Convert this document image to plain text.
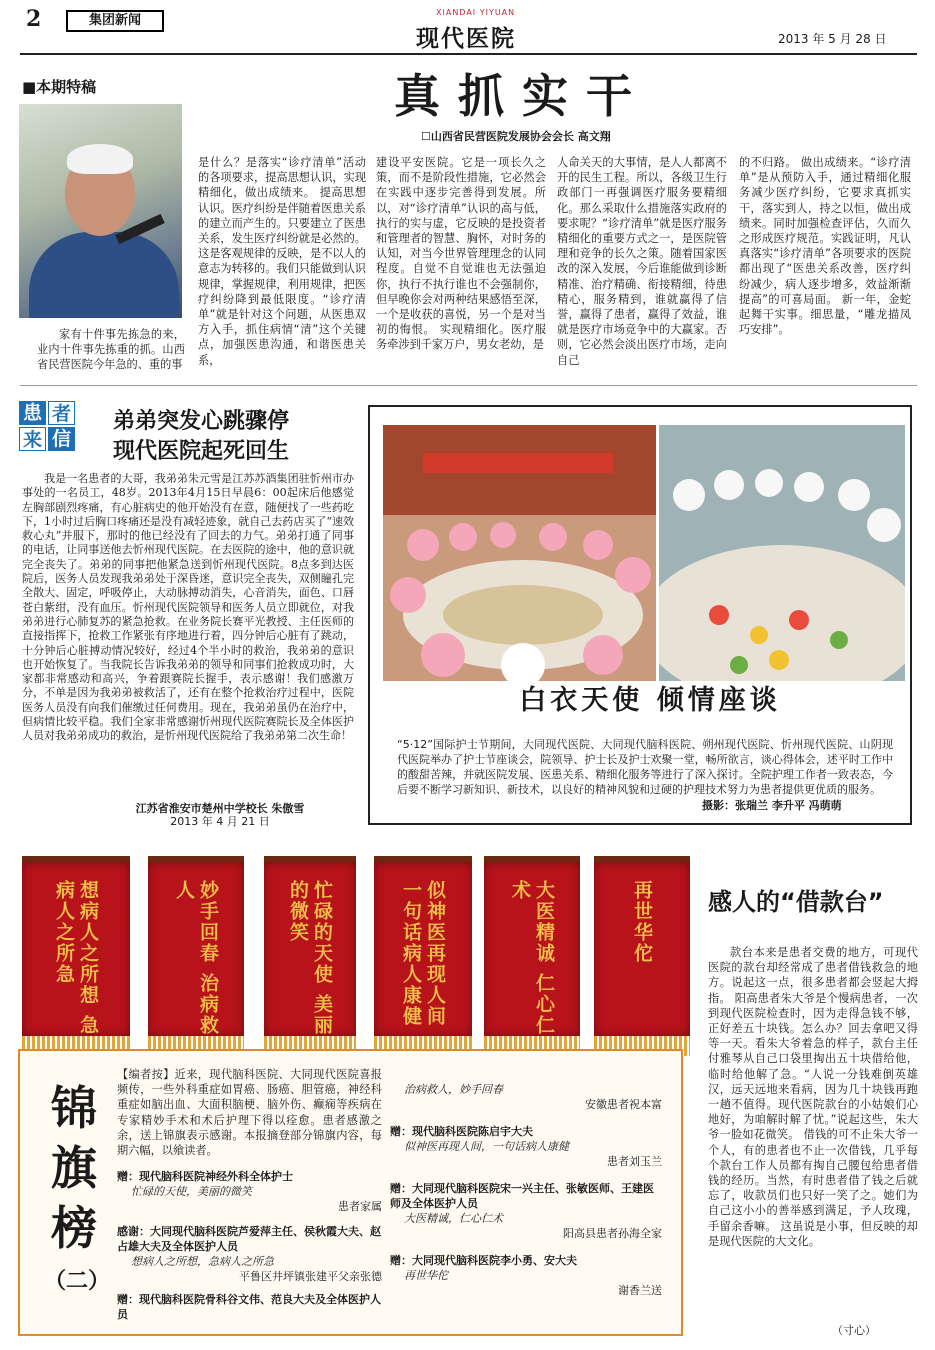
2	集团新闻
XIANDAI YIYUAN
现代医院	2013 年 5 月 28 日
■本期特稿	真抓实干
☐山西省民营医院发展协会会长 高文翔
家有十件事先拣急的来，业内十件事先拣重的抓。山西省民营医院今年急的、重的事
是什么？是落实“诊疗清单”活动的各项要求，提高思想认识，实现精细化，做出成绩来。 提高思想认识。医疗纠纷是伴随着医患关系的建立而产生的。只要建立了医患关系，发生医疗纠纷就是必然的。这是客观规律的反映，是不以人的意志为转移的。我们只能做到认识规律，掌握规律，利用规律，把医疗纠纷降到最低限度。“诊疗清单”就是针对这个问题，从医患双方入手，抓住病情“清”这个关键点，加强医患沟通，和谐医患关系，
建设平安医院。它是一项长久之策，而不是阶段性措施，它必然会在实践中逐步完善得到发展。所以，对“诊疗清单”认识的高与低，执行的实与虚，它反映的是投资者和管理者的智慧、胸怀，对时务的认知，对当今世界管理理念的认同程度。自觉不自觉谁也无法强迫你，执行不执行谁也不会强制你，但早晚你会对两种结果感悟至深，一个是收获的喜悦，另一个是对当初的悔恨。 实现精细化。医疗服务牵涉到千家万户，男女老幼，是
人命关天的大事情，是人人都离不开的民生工程。所以，各级卫生行政部门一再强调医疗服务要精细化。那么采取什么措施落实政府的要求呢？“诊疗清单”就是医疗服务精细化的重要方式之一，是医院管理和竞争的长久之策。随着国家医改的深入发展，今后谁能做到诊断精准、治疗精确、衔接精细，待患精心，服务精到，谁就赢得了信誉，赢得了患者，赢得了效益，谁就是医疗市场竞争中的大赢家。否则，它必然会淡出医疗市场，走向自己
的不归路。 做出成绩来。“诊疗清单”是从预防入手，通过精细化服务减少医疗纠纷，它要求真抓实干，落实到人，持之以恒，做出成绩来。同时加强检查评估，久而久之形成医疗规范。实践证明，凡认真落实“诊疗清单”各项要求的医院都出现了“医患关系改善，医疗纠纷减少，病人逐步增多，效益渐渐提高”的可喜局面。 新一年，金蛇起舞干实事。细思量，“雕龙描凤巧安排”。
患 者
来 信
弟弟突发心跳骤停
现代医院起死回生
我是一名患者的大哥，我弟弟朱元雪是江苏苏酒集团驻忻州市办事处的一名员工，48岁。2013年4月15日早晨6：00起床后他感觉左胸部剧烈疼痛，有心脏病史的他开始没有在意，随便找了一些药吃下，1小时过后胸口疼痛还是没有减轻迹象，就自己去药店买了“速效救心丸”并服下，那时的他已经没有了回去的力气。弟弟打通了同事的电话，让同事送他去忻州现代医院。在去医院的途中，他的意识就完全丧失了。弟弟的同事把他紧急送到忻州现代医院。8点多到达医院后，医务人员发现我弟弟处于深昏迷，意识完全丧失，双侧瞳孔完全散大、固定，呼吸停止，大动脉搏动消失，心音消失，面色、口唇苍白紫绀，没有血压。忻州现代医院领导和医务人员立即就位，对我弟弟进行心肺复苏的紧急抢救。在业务院长赛平光教授、主任医师的直接指挥下，抢救工作紧张有序地进行着，四分钟后心脏有了跳动，十分钟后心脏搏动情况较好，经过4个半小时的救治，我弟弟的意识也开始恢复了。当我院长告诉我弟弟的领导和同事们抢救成功时，大家都非常感动和高兴，争着跟赛院长握手，表示感谢！我们感激万分，不单是因为我弟弟被救活了，还有在整个抢救治疗过程中，医院医务人员没有向我们催缴过任何费用。现在，我弟弟虽仍在治疗中，但病情比较平稳。我们全家非常感谢忻州现代医院赛院长及全体医护人员对我弟弟成功的救治，是忻州现代医院给了我弟弟第二次生命！
江苏省淮安市楚州中学校长 朱傲雪
2013 年 4 月 21 日
白衣天使 倾情座谈
“5·12”国际护士节期间，大同现代医院、大同现代脑科医院、朔州现代医院、忻州现代医院、山阴现代医院举办了护士节座谈会，院领导、护士长及护士欢聚一堂，畅所欲言，谈心得体会，述平时工作中的酸甜苦辣，并就医院发展、医患关系、精细化服务等进行了深入探讨。全院护理工作者一致表态，今后要不断学习新知识、新技术，以良好的精神风貌和过硬的护理技术努力为患者提供更优质的服务。
摄影：张瑞兰 李升平 冯萌萌
想病人之所想 急病人之所急	妙手回春 治病救人	忙碌的天使 美丽的微笑	似神医再现人间 一句话病人康健	大医精诚 仁心仁术	再世华佗 感人的“借款台”
款台本来是患者交费的地方，可现代医院的款台却经常成了患者借钱救急的地方。说起这一点，很多患者都会竖起大拇指。 阳高患者朱大爷是个慢病患者，一次到现代医院检查时，因为走得急钱不够，正好差五十块钱。怎么办？回去拿吧又得等一天。看朱大爷着急的样子，款台主任付雅琴从自己口袋里掏出五十块借给他，临时给他解了急。“人说一分钱难倒英雄汉，远天远地来看病，因为几十块钱再跑一趟不值得。现代医院款台的小姑娘们心地好，为咱解时解了忧。”说起这些，朱大爷一脸如花微笑。 借钱的可不止朱大爷一个人，有的患者也不止一次借钱，几乎每个款台工作人员都有掏自己腰包给患者借钱的经历。当然，有时患者借了钱之后就忘了，收款员们也只好一笑了之。她们为自己这小小的善举感到满足，予人玫瑰，手留余香嘛。 这虽说是小事，但反映的却是现代医院的大文化。
（寸心）
锦
旗
榜
（二）
【编者按】近来，现代脑科医院、大同现代医院喜报频传，一些外科重症如胃癌、肠癌、胆管癌，神经科重症如脑出血、大面积脑梗、脑外伤、癫痫等疾病在专家精妙手术和术后护理下得以痊愈。患者感激之余，送上锦旗表示感谢。本报摘登部分锦旗内容，每期六幅，以飨读者。
赠：现代脑科医院神经外科全体护士
忙碌的天使，美丽的微笑
患者家属
感谢：大同现代脑科医院芦爱萍主任、侯秋霞大夫、赵占雄大夫及全体医护人员
想病人之所想，急病人之所急
平鲁区井坪镇张建平父亲张德
赠：现代脑科医院骨科谷文伟、范良大夫及全体医护人员
治病救人，妙手回春
安徽患者祝本富
赠：现代脑科医院陈启宇大夫
似神医再现人间，一句话病人康健
患者刘玉兰
赠：大同现代脑科医院宋一兴主任、张敏医师、王建医师及全体医护人员
大医精诚，仁心仁术
阳高县患者孙海全家
赠：大同现代脑科医院李小勇、安大夫
再世华佗
谢香兰送
